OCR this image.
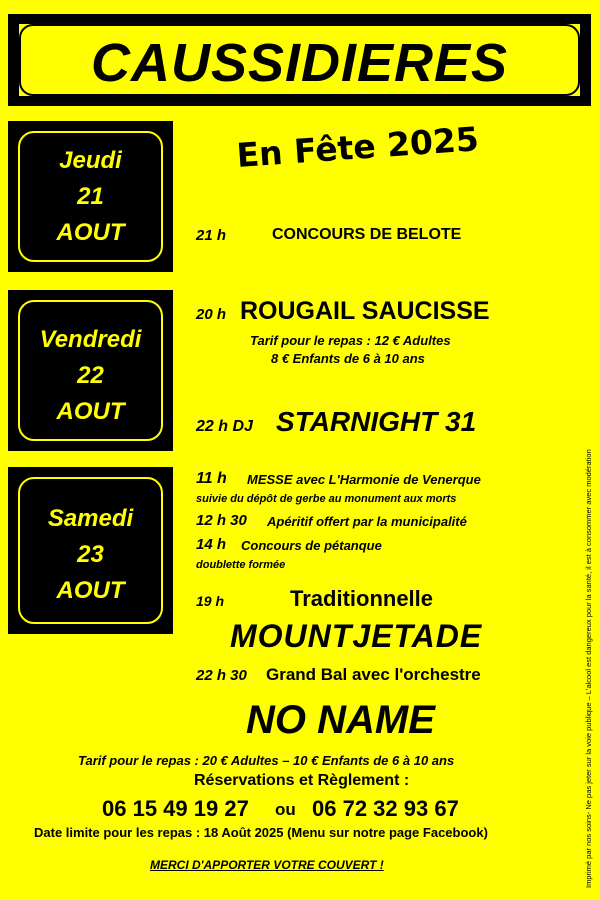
CAUSSIDIERES
Jeudi
21
AOUT
Vendredi
22
AOUT
Samedi
23
AOUT
En Fête 2025
21 h	CONCOURS DE BELOTE
20 h ROUGAIL SAUCISSE
Tarif pour le repas : 12 € Adultes
8 € Enfants de 6 à 10 ans
22 h DJ STARNIGHT 31
11 h MESSE avec L'Harmonie de Venerque
suivie du dépôt de gerbe au monument aux morts
12 h 30 Apéritif offert par la municipalité
14 h Concours de pétanque
doublette formée
19 h	Traditionnelle
MOUNTJETADE
22 h 30 Grand Bal avec l'orchestre
NO NAME
Tarif pour le repas : 20 € Adultes – 10 € Enfants de 6 à 10 ans
Réservations et Règlement :
06 15 49 19 27 ou 06 72 32 93 67
Date limite pour les repas : 18 Août 2025 (Menu sur notre page Facebook)
MERCI D'APPORTER VOTRE COUVERT !	Imprimé par nos soins- Ne pas jeter sur la voie publique – L'alcool est dangereux pour la santé, il est à consommer avec modération
